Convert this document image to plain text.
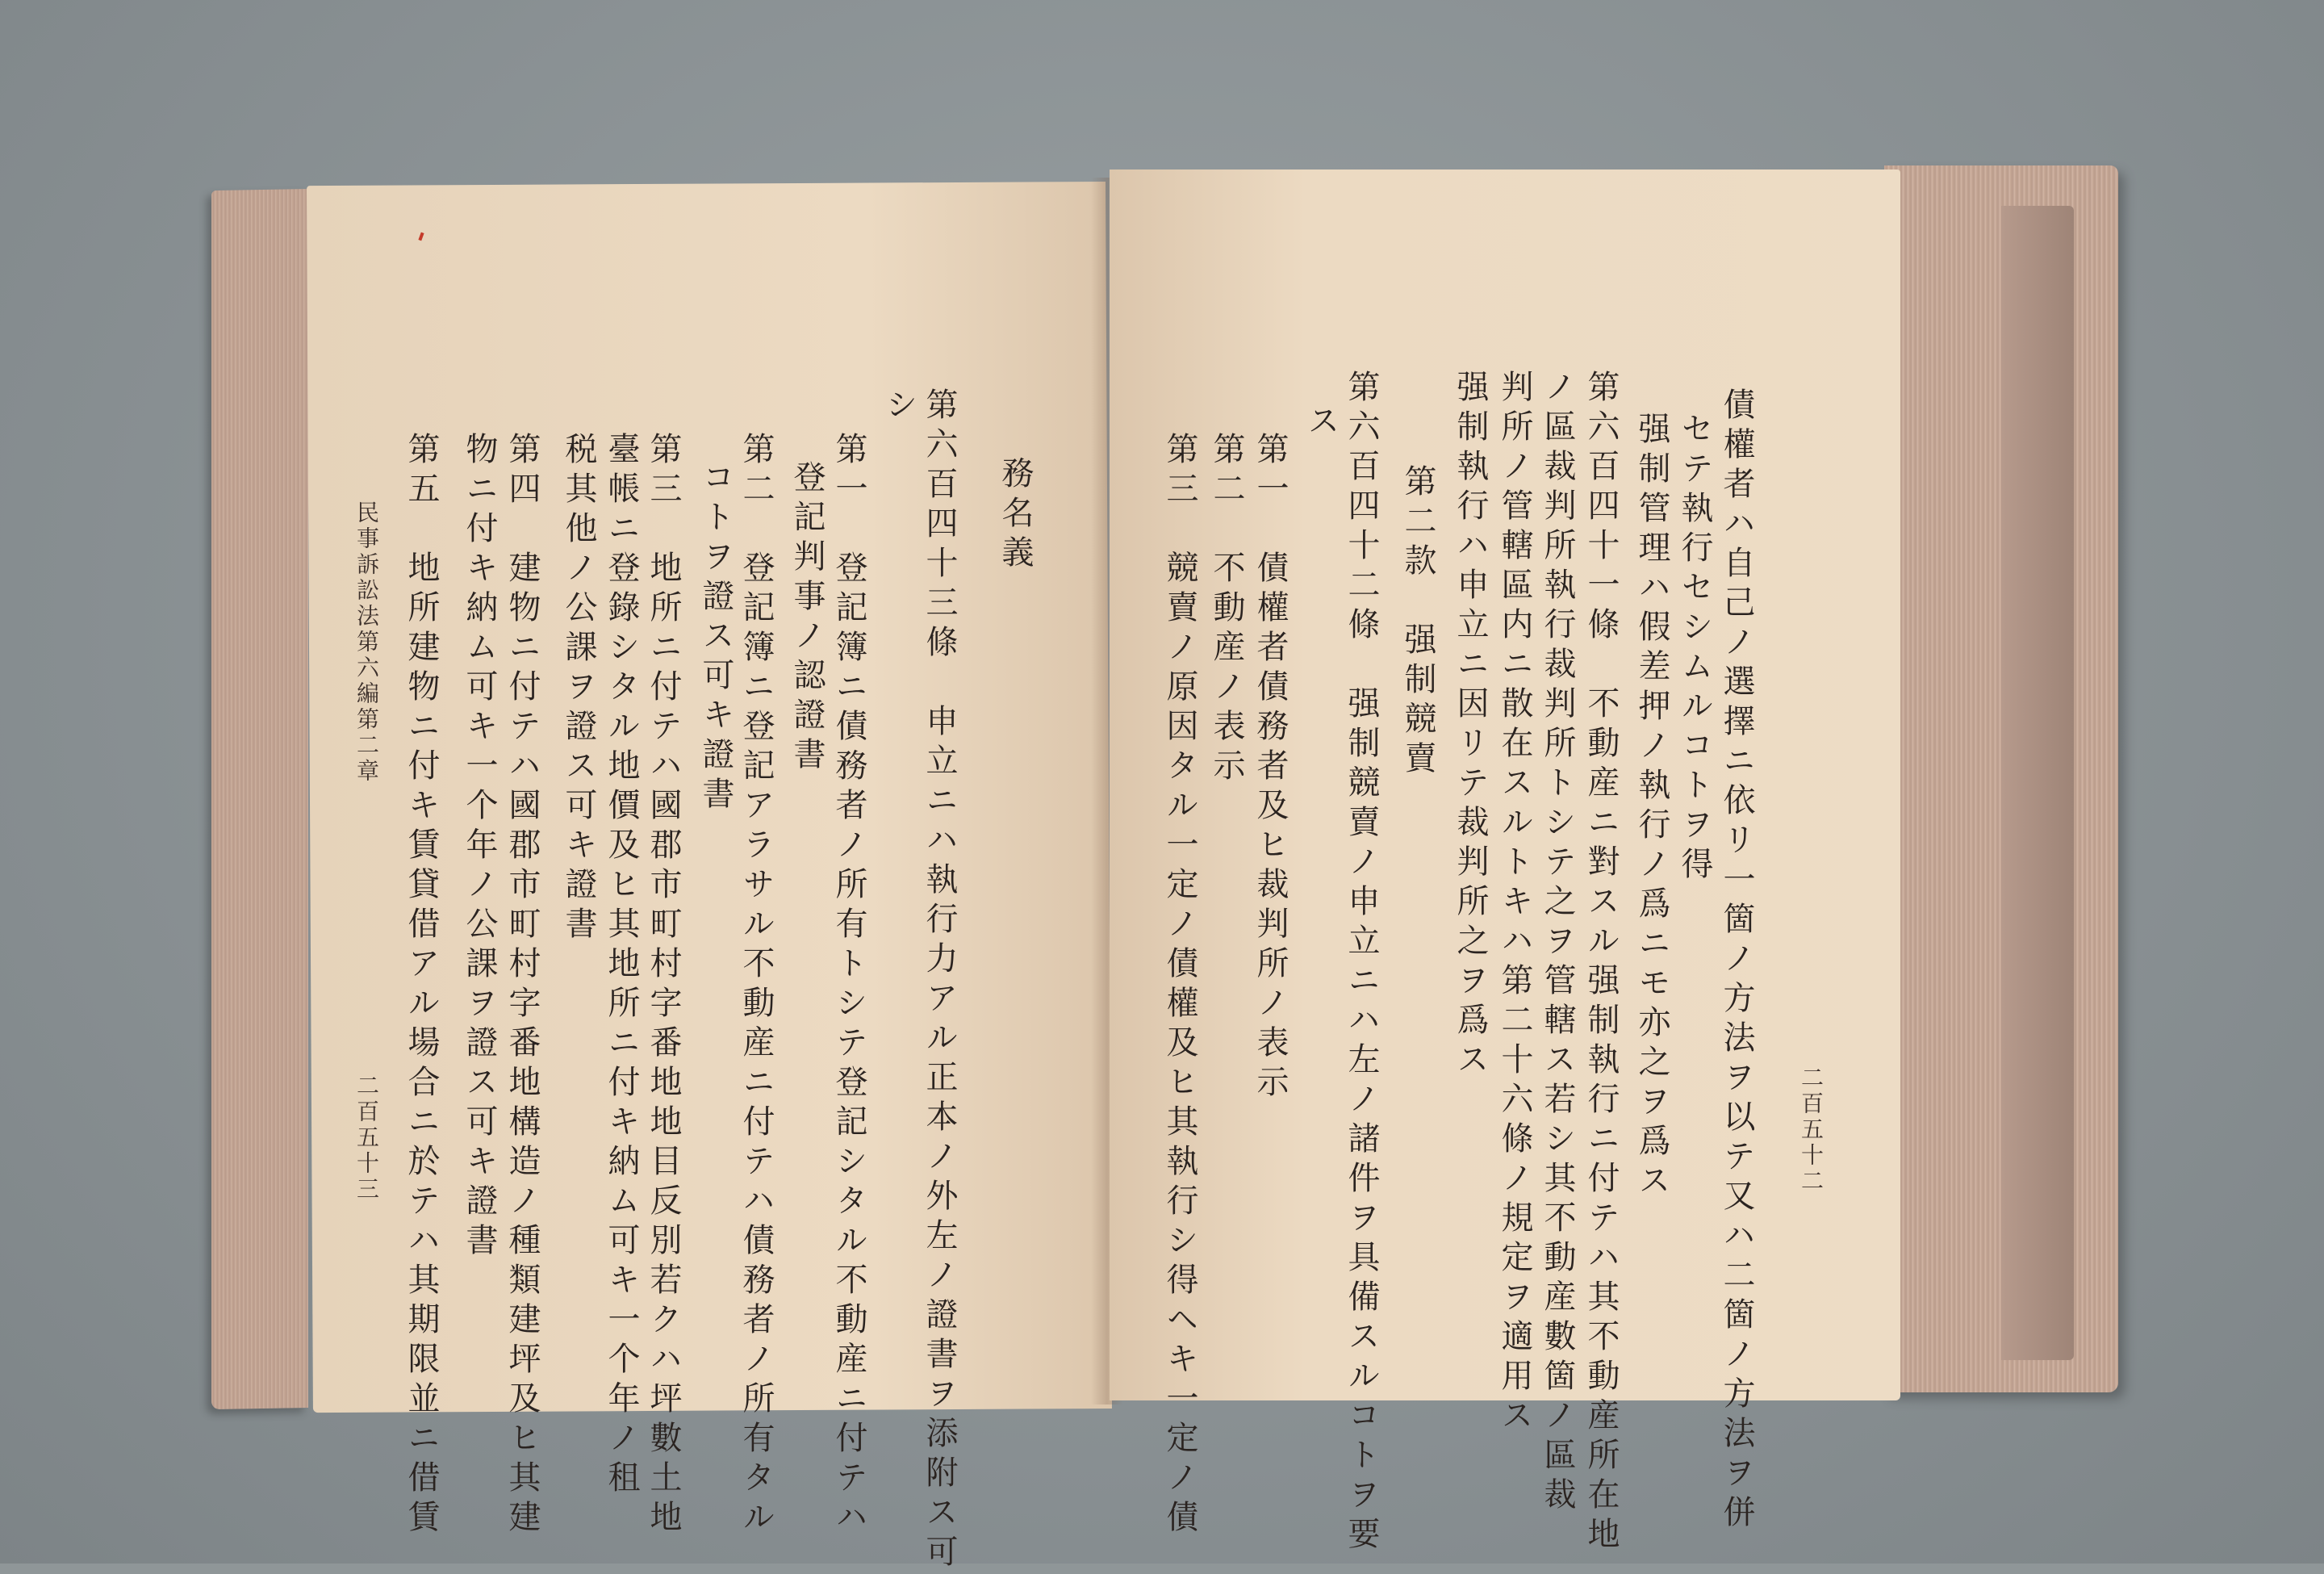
務名義
第六百四十三條　申立ニハ執行力アル正本ノ外左ノ證書ヲ添附ス可
シ
第一　登記簿ニ債務者ノ所有トシテ登記シタル不動産ニ付テハ
登記判事ノ認證書
第二　登記簿ニ登記アラサル不動産ニ付テハ債務者ノ所有タル
コトヲ證ス可キ證書
第三　地所ニ付テハ國郡市町村字番地地目反別若クハ坪數土地
臺帳ニ登錄シタル地價及ヒ其地所ニ付キ納ム可キ一个年ノ租
税其他ノ公課ヲ證ス可キ證書
第四　建物ニ付テハ國郡市町村字番地構造ノ種類建坪及ヒ其建
物ニ付キ納ム可キ一个年ノ公課ヲ證ス可キ證書
第五　地所建物ニ付キ賃貸借アル場合ニ於テハ其期限並ニ借賃
民事訴訟法第六編第二章
二百五十三	二百五十二
債權者ハ自己ノ選擇ニ依リ一箇ノ方法ヲ以テ又ハ二箇ノ方法ヲ併
セテ執行セシムルコトヲ得
强制管理ハ假差押ノ執行ノ爲ニモ亦之ヲ爲ス
第六百四十一條　不動産ニ對スル强制執行ニ付テハ其不動産所在地
ノ區裁判所執行裁判所トシテ之ヲ管轄ス若シ其不動産數箇ノ區裁
判所ノ管轄區内ニ散在スルトキハ第二十六條ノ規定ヲ適用ス
强制執行ハ申立ニ因リテ裁判所之ヲ爲ス
第二款　强制競賣
第六百四十二條　强制競賣ノ申立ニハ左ノ諸件ヲ具備スルコトヲ要
ス
第一　債權者債務者及ヒ裁判所ノ表示
第二　不動産ノ表示
第三　競賣ノ原因タル一定ノ債權及ヒ其執行シ得ヘキ一定ノ債
